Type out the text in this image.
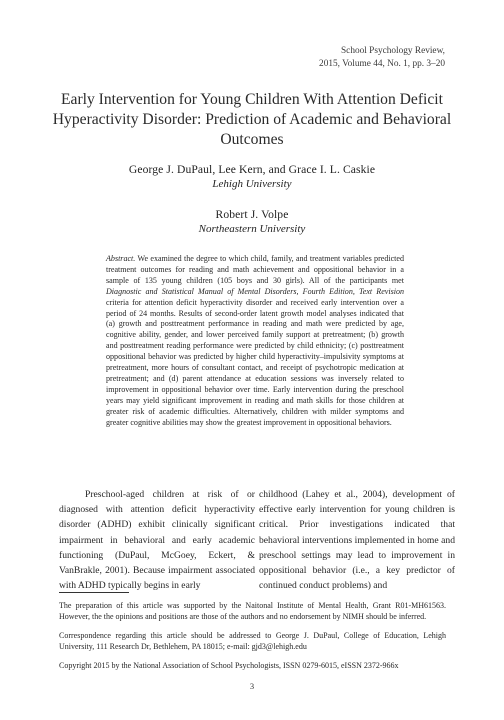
School Psychology Review,
2015, Volume 44, No. 1, pp. 3–20
Early Intervention for Young Children With Attention Deficit Hyperactivity Disorder: Prediction of Academic and Behavioral Outcomes
George J. DuPaul, Lee Kern, and Grace I. L. Caskie
Lehigh University
Robert J. Volpe
Northeastern University
Abstract. We examined the degree to which child, family, and treatment variables predicted treatment outcomes for reading and math achievement and oppositional behavior in a sample of 135 young children (105 boys and 30 girls). All of the participants met Diagnostic and Statistical Manual of Mental Disorders, Fourth Edition, Text Revision criteria for attention deficit hyperactivity disorder and received early intervention over a period of 24 months. Results of second-order latent growth model analyses indicated that (a) growth and posttreatment performance in reading and math were predicted by age, cognitive ability, gender, and lower perceived family support at pretreatment; (b) growth and posttreatment reading performance were predicted by child ethnicity; (c) posttreatment oppositional behavior was predicted by higher child hyperactivity–impulsivity symptoms at pretreatment, more hours of consultant contact, and receipt of psychotropic medication at pretreatment; and (d) parent attendance at education sessions was inversely related to improvement in oppositional behavior over time. Early intervention during the preschool years may yield significant improvement in reading and math skills for those children at greater risk of academic difficulties. Alternatively, children with milder symptoms and greater cognitive abilities may show the greatest improvement in oppositional behaviors.
Preschool-aged children at risk of or diagnosed with attention deficit hyperactivity disorder (ADHD) exhibit clinically significant impairment in behavioral and early academic functioning (DuPaul, McGoey, Eckert, & VanBrakle, 2001). Because impairment associated with ADHD typically begins in early
childhood (Lahey et al., 2004), development of effective early intervention for young children is critical. Prior investigations indicated that behavioral interventions implemented in home and preschool settings may lead to improvement in oppositional behavior (i.e., a key predictor of continued conduct problems) and
The preparation of this article was supported by the Naitonal Institute of Mental Health, Grant R01-MH61563. However, the the opinions and positions are those of the authors and no endorsement by NIMH should be inferred.
Correspondence regarding this article should be addressed to George J. DuPaul, College of Education, Lehigh University, 111 Research Dr, Bethlehem, PA 18015; e-mail: gjd3@lehigh.edu
Copyright 2015 by the National Association of School Psychologists, ISSN 0279-6015, eISSN 2372-966x
3
